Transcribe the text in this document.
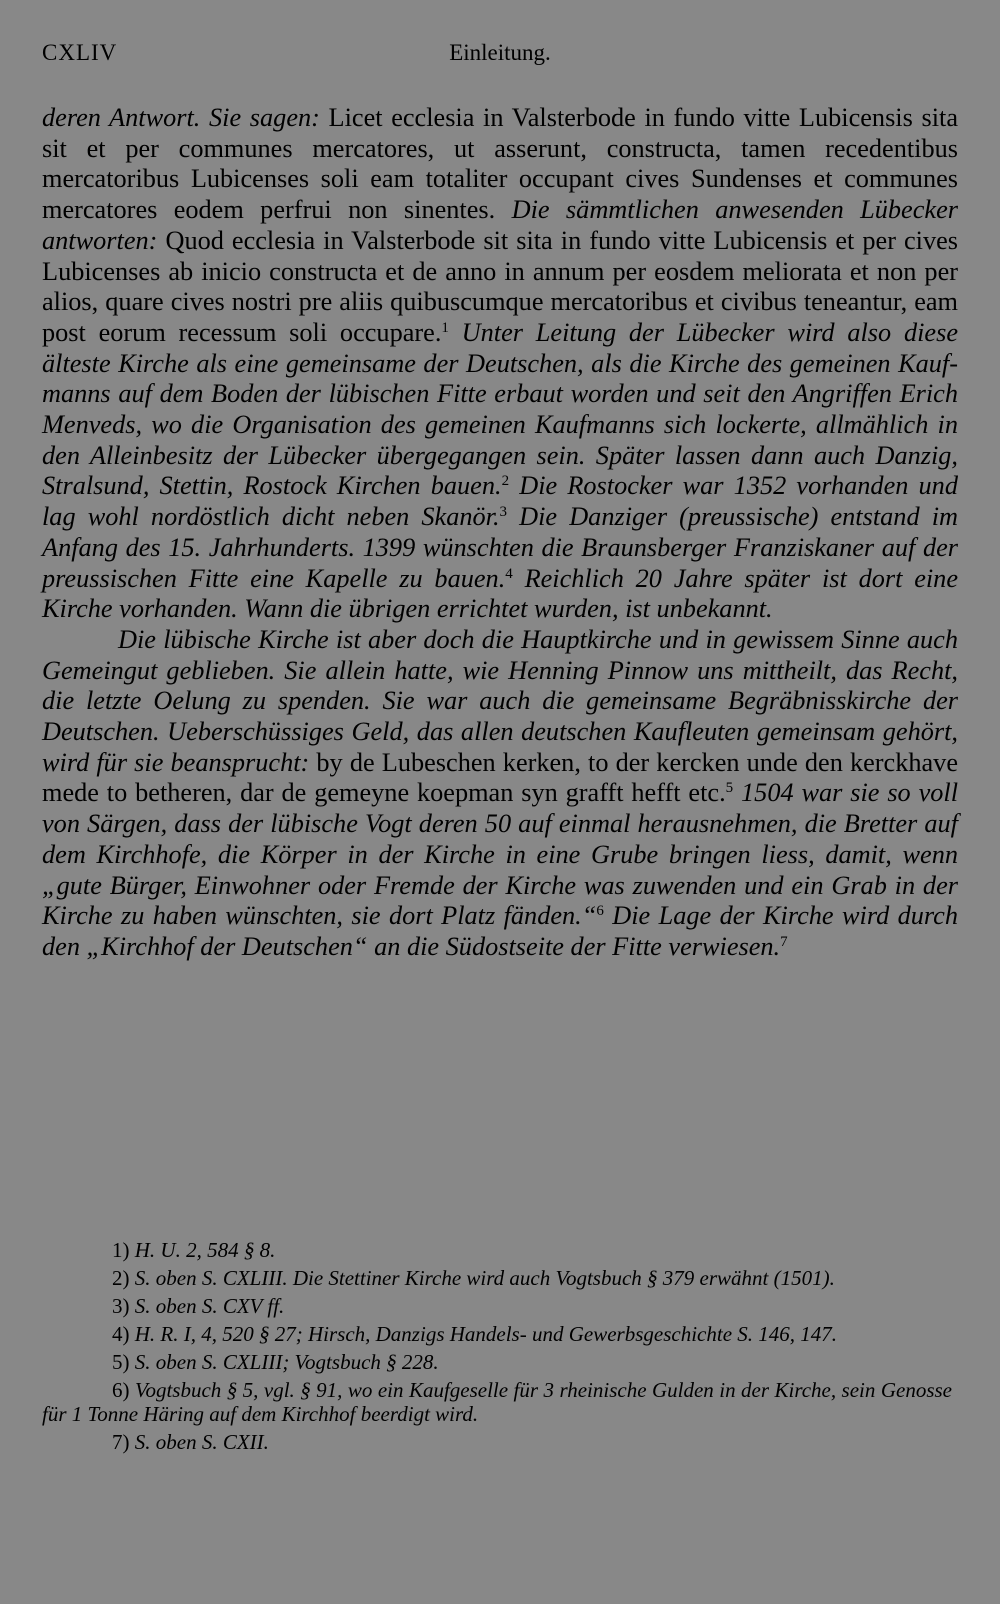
CXLIV	Einleitung.

deren Antwort. Sie sagen: Licet ecclesia in Valsterbode in fundo vitte Lubicensis sita sit et per communes mercatores, ut asserunt, constructa, tamen recedentibus mercatoribus Lubicenses soli eam totaliter occupant cives Sundenses et communes mercatores eodem perfrui non sinentes. Die sämmtlichen anwesenden Lübecker antworten: Quod ecclesia in Valsterbode sit sita in fundo vitte Lubicensis et per cives Lubicenses ab inicio constructa et de anno in annum per eosdem meliorata et non per alios, quare cives nostri pre aliis quibuscumque mercatoribus et civibus teneantur, eam post eorum recessum soli occupare.$^1$ Unter Leitung der Lübecker wird also diese älteste Kirche als eine gemeinsame der Deutschen, als die Kirche des gemeinen Kaufmanns auf dem Boden der lübischen Fitte erbaut worden und seit den Angriffen Erich Menveds, wo die Organisation des gemeinen Kaufmanns sich lockerte, allmählich in den Alleinbesitz der Lübecker übergegangen sein. Später lassen dann auch Danzig, Stralsund, Stettin, Rostock Kirchen bauen.$^2$ Die Rostocker war 1352 vorhanden und lag wohl nordöstlich dicht neben Skanör.$^3$ Die Danziger (preussische) entstand im Anfang des 15. Jahrhunderts. 1399 wünschten die Braunsberger Franziskaner auf der preussischen Fitte eine Kapelle zu bauen.$^4$ Reichlich 20 Jahre später ist dort eine Kirche vorhanden. Wann die übrigen errichtet wurden, ist unbekannt.

Die lübische Kirche ist aber doch die Hauptkirche und in gewissem Sinne auch Gemeingut geblieben. Sie allein hatte, wie Henning Pinnow uns mittheilt, das Recht, die letzte Oelung zu spenden. Sie war auch die gemeinsame Begräbnisskirche der Deutschen. Ueberschüssiges Geld, das allen deutschen Kaufleuten gemeinsam gehört, wird für sie beansprucht: by de Lubeschen kerken, to der kercken unde den kerckhave mede to betheren, dar de gemeyne koepman syn grafft hefft etc.$^5$ 1504 war sie so voll von Särgen, dass der lübische Vogt deren 50 auf einmal herausnehmen, die Bretter auf dem Kirchhofe, die Körper in der Kirche in eine Grube bringen liess, damit, wenn „gute Bürger, Einwohner oder Fremde der Kirche was zuwenden und ein Grab in der Kirche zu haben wünschten, sie dort Platz fänden.“$^6$ Die Lage der Kirche wird durch den „Kirchhof der Deutschen“ an die Südostseite der Fitte verwiesen.$^7$

1) H. U. 2, 584 § 8.
2) S. oben S. CXLIII. Die Stettiner Kirche wird auch Vogtsbuch § 379 erwähnt (1501).
3) S. oben S. CXV ff.
4) H. R. I, 4, 520 § 27; Hirsch, Danzigs Handels- und Gewerbsgeschichte S. 146, 147.
5) S. oben S. CXLIII; Vogtsbuch § 228.
6) Vogtsbuch § 5, vgl. § 91, wo ein Kaufgeselle für 3 rheinische Gulden in der Kirche, sein Genosse für 1 Tonne Häring auf dem Kirchhof beerdigt wird.
7) S. oben S. CXII.
